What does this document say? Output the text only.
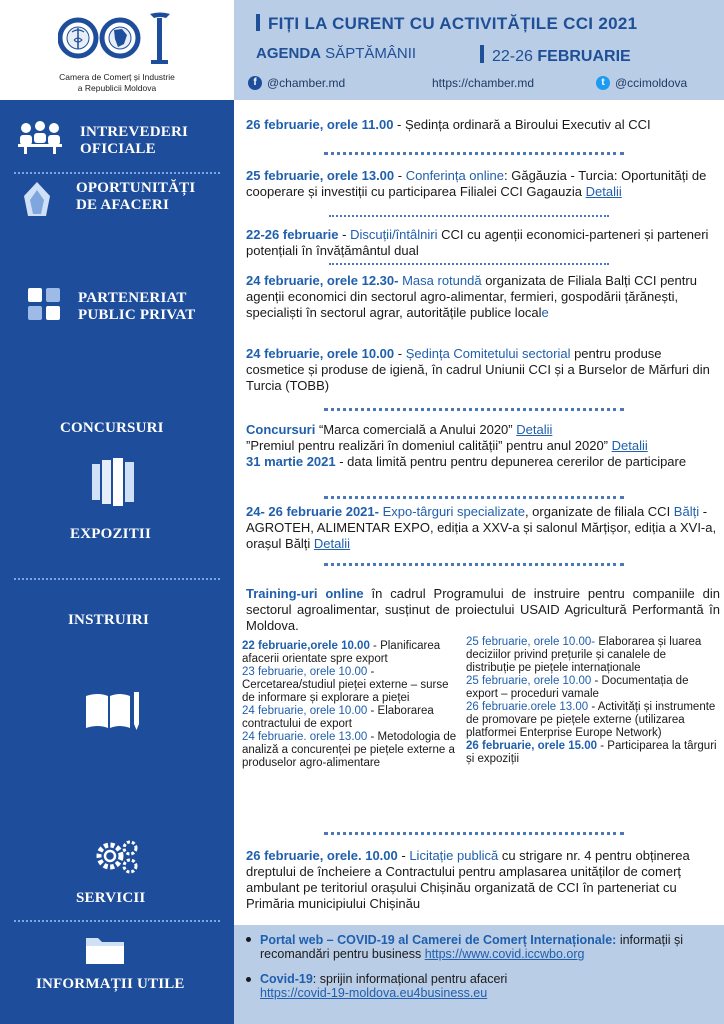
Camera de Comerț și Industrie
a Republicii Moldova
FIȚI LA CURENT CU ACTIVITĂȚILE CCI 2021
AGENDA SĂPTĂMÂNII	22-26 FEBRUARIE
f @chamber.md	https://chamber.md	t @ccimoldova
INTREVEDERI
OFICIALE
OPORTUNITĂȚI
DE AFACERI
PARTENERIAT
PUBLIC PRIVAT
CONCURSURI
EXPOZITII
INSTRUIRI
SERVICII
INFORMAȚII UTILE
26 februarie, orele 11.00 - Ședința ordinară a Biroului Executiv al CCI
25 februarie, orele 13.00 - Conferința online: Găgăuzia - Turcia: Oportunități de cooperare și investiții cu participarea Filialei CCI Gagauzia Detalii
22-26 februarie - Discuții/întâlniri CCI cu agenții economici-parteneri și parteneri potențiali în învățământul dual
24 februarie, orele 12.30- Masa rotundă organizata de Filiala Balți CCI pentru agenții economici din sectorul agro-alimentar, fermieri, gospodării țărănești, specialiști în sectorul agrar, autoritățile publice locale
24 februarie, orele 10.00 - Ședința Comitetului sectorial pentru produse cosmetice și produse de igienă, în cadrul Uniunii CCI și a Burselor de Mărfuri din Turcia (TOBB)
Concursuri “Marca comercială a Anului 2020” Detalii
”Premiul pentru realizări în domeniul calității” pentru anul 2020” Detalii
31 martie 2021 - data limită pentru pentru depunerea cererilor de participare
24- 26 februarie 2021- Expo-târguri specializate, organizate de filiala CCI Bălți - AGROTEH, ALIMENTAR EXPO, ediția a XXV-a și salonul Mărțișor, ediția a XVI-a, orașul Bălți Detalii
Training-uri online în cadrul Programului de instruire pentru companiile din sectorul agroalimentar, susținut de proiectului USAID Agricultură Performantă în Moldova.
22 februarie,orele 10.00 - Planificarea afacerii orientate spre export
23 februarie, orele 10.00 - Cercetarea/studiul pieței externe – surse de informare și explorare a pieței
24 februarie, orele 10.00 - Elaborarea contractului de export
24 februarie. orele 13.00 - Metodologia de analiză a concurenței pe piețele externe a produselor agro-alimentare
25 februarie, orele 10.00- Elaborarea și luarea deciziilor privind prețurile și canalele de distribuție pe piețele internaționale
25 februarie, orele 10.00 - Documentația de export – proceduri vamale
26 februarie.orele 13.00 - Activități și instrumente de promovare pe piețele externe (utilizarea platformei Enterprise Europe Network)
26 februarie, orele 15.00 - Participarea la târguri și expoziții
26 februarie, orele. 10.00 - Licitație publică cu strigare nr. 4 pentru obținerea dreptului de încheiere a Contractului pentru amplasarea unităților de comerț ambulant pe teritoriul orașului Chișinău organizată de CCI în parteneriat cu Primăria municipiului Chișinău
Portal web – COVID-19 al Camerei de Comerț Internaționale: informații și recomandări pentru business https://www.covid.iccwbo.org
Covid-19: sprijin informațional pentru afaceri
https://covid-19-moldova.eu4business.eu
